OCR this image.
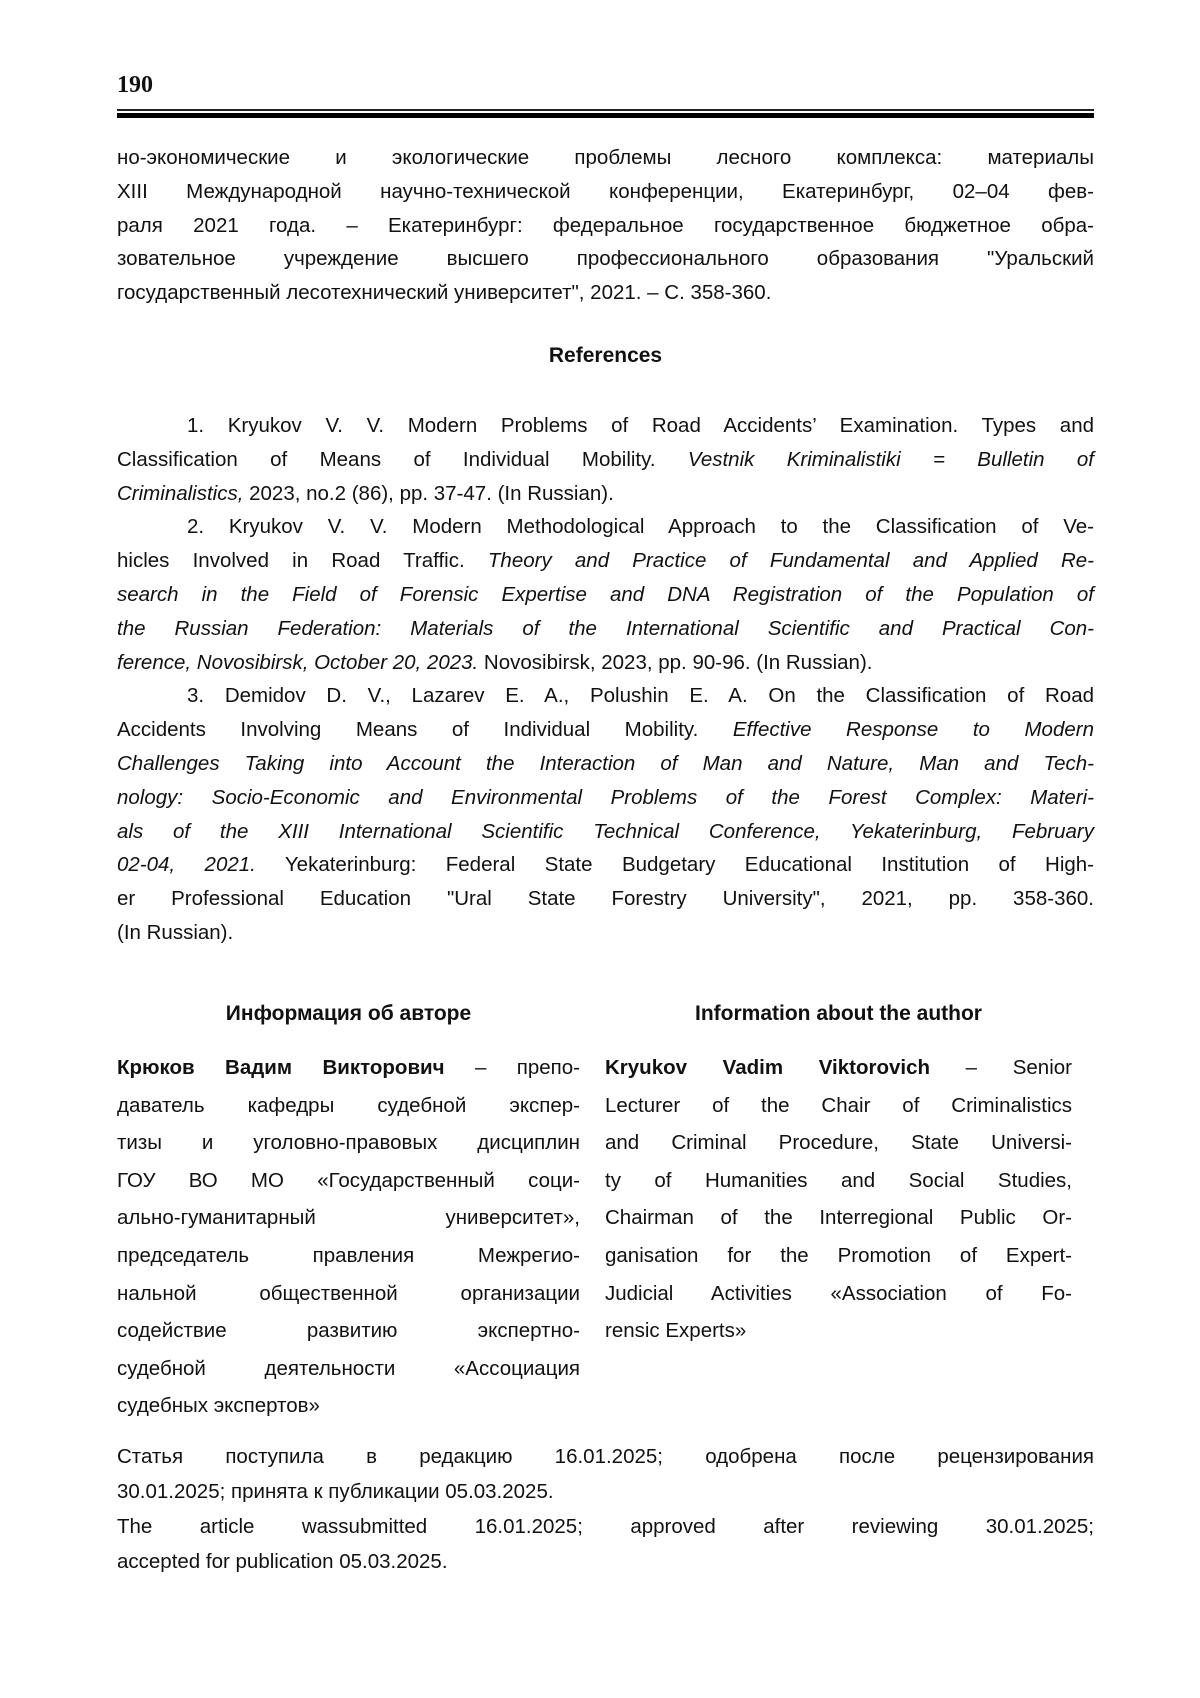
190
но-экономические и экологические проблемы лесного комплекса: материалы
XIII Международной научно-технической конференции, Екатеринбург, 02–04 фев-
раля 2021 года. – Екатеринбург: федеральное государственное бюджетное обра-
зовательное учреждение высшего профессионального образования "Уральский
государственный лесотехнический университет", 2021. – С. 358-360.
References
1. Kryukov V. V. Modern Problems of Road Accidents’ Examination. Types and
Classification of Means of Individual Mobility. Vestnik Kriminalistiki = Bulletin of
Criminalistics, 2023, no.2 (86), pp. 37-47. (In Russian).
2. Kryukov V. V. Modern Methodological Approach to the Classification of Ve-
hicles Involved in Road Traffic. Theory and Practice of Fundamental and Applied Re-
search in the Field of Forensic Expertise and DNA Registration of the Population of
the Russian Federation: Materials of the International Scientific and Practical Con-
ference, Novosibirsk, October 20, 2023. Novosibirsk, 2023, pp. 90-96. (In Russian).
3. Demidov D. V., Lazarev E. A., Polushin E. A. On the Classification of Road
Accidents Involving Means of Individual Mobility. Effective Response to Modern
Challenges Taking into Account the Interaction of Man and Nature, Man and Tech-
nology: Socio-Economic and Environmental Problems of the Forest Complex: Materi-
als of the XIII International Scientific Technical Conference, Yekaterinburg, February
02-04, 2021. Yekaterinburg: Federal State Budgetary Educational Institution of High-
er Professional Education "Ural State Forestry University", 2021, pp. 358-360.
(In Russian).
Информация об авторе	Information about the author
Крюков Вадим Викторович – препо-
даватель кафедры судебной экспер-
тизы и уголовно-правовых дисциплин
ГОУ ВО МО «Государственный соци-
ально-гуманитарный университет»,
председатель правления Межрегио-
нальной общественной организации
содействие развитию экспертно-
судебной деятельности «Ассоциация
судебных экспертов»
Kryukov Vadim Viktorovich – Senior
Lecturer of the Chair of Criminalistics
and Criminal Procedure, State Universi-
ty of Humanities and Social Studies,
Chairman of the Interregional Public Or-
ganisation for the Promotion of Expert-
Judicial Activities «Association of Fo-
rensic Experts»
Статья поступила в редакцию 16.01.2025; одобрена после рецензирования
30.01.2025; принята к публикации 05.03.2025.
The article wassubmitted 16.01.2025; approved after reviewing 30.01.2025;
accepted for publication 05.03.2025.
